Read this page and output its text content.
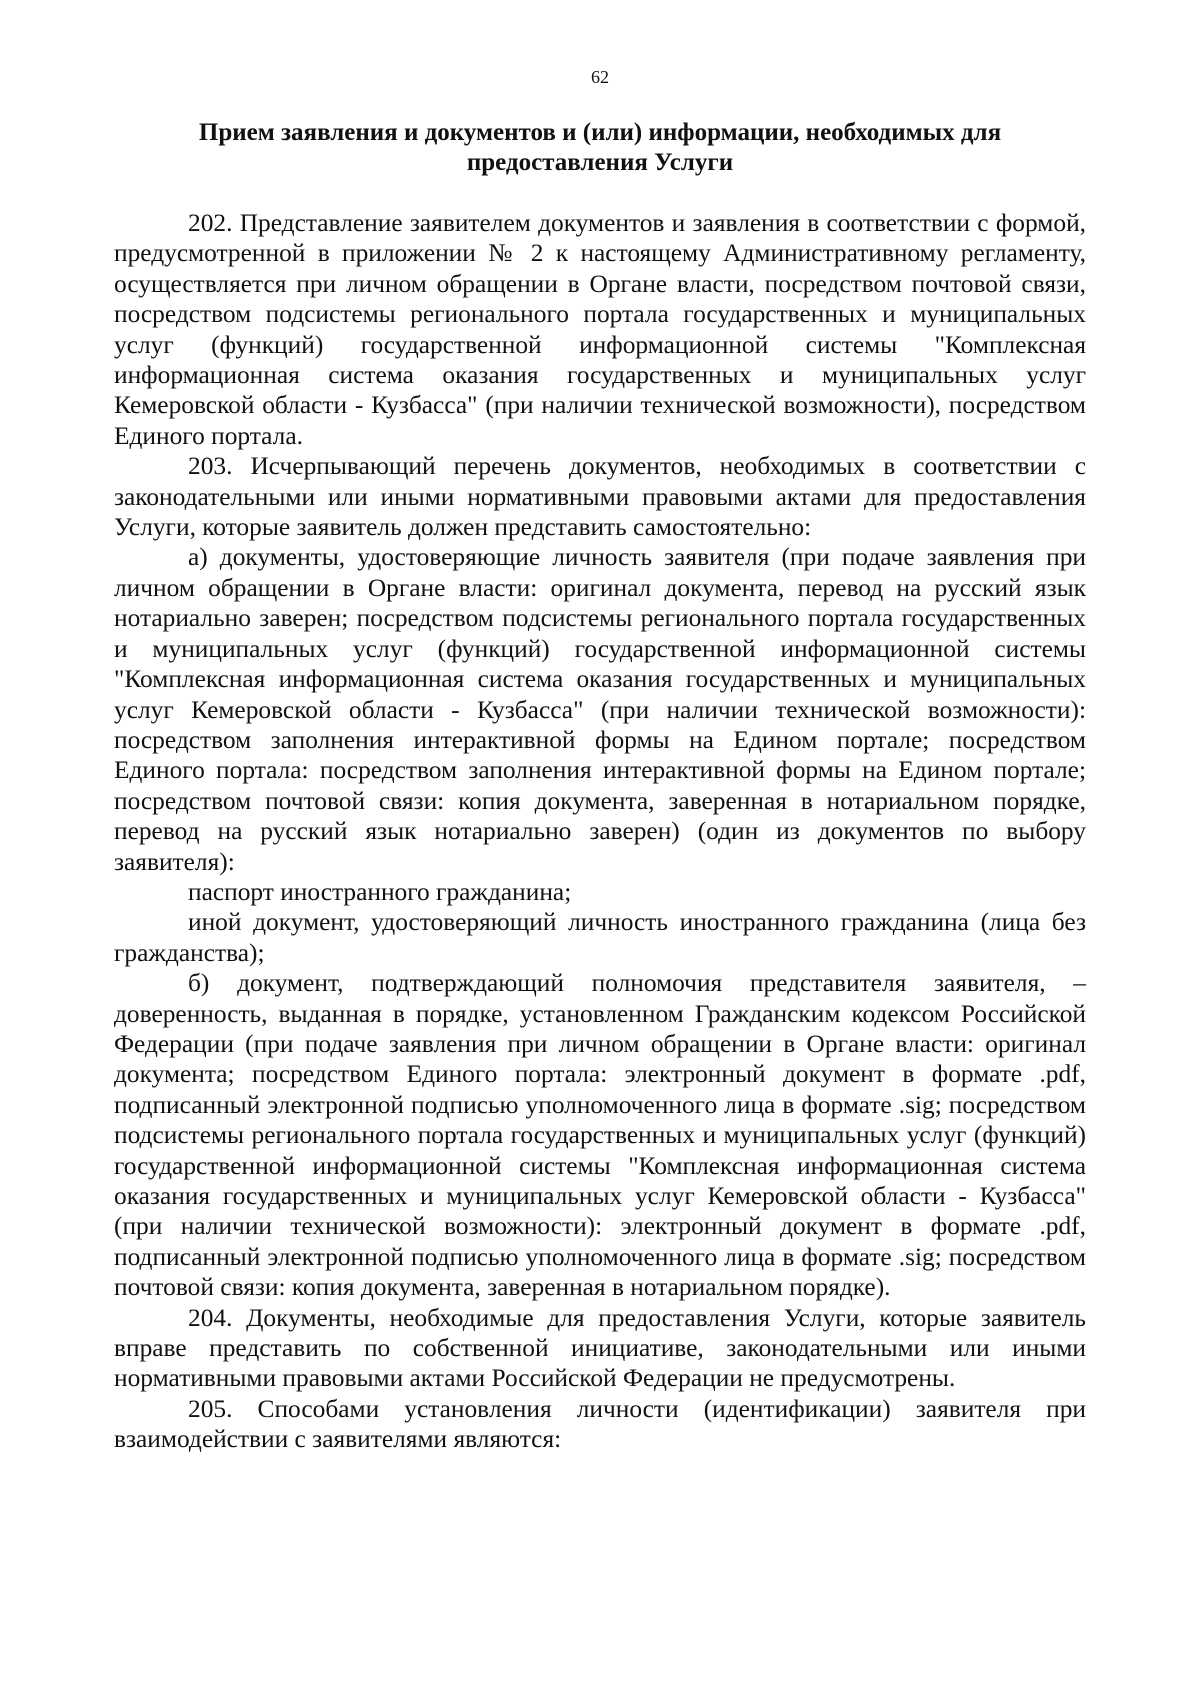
62
Прием заявления и документов и (или) информации, необходимых для предоставления Услуги

202. Представление заявителем документов и заявления в соответствии с формой, предусмотренной в приложении № 2 к настоящему Административному регламенту, осуществляется при личном обращении в Органе власти, посредством почтовой связи, посредством подсистемы регионального портала государственных и муниципальных услуг (функций) государственной информационной системы "Комплексная информационная система оказания государственных и муниципальных услуг Кемеровской области - Кузбасса" (при наличии технической возможности), посредством Единого портала.

203. Исчерпывающий перечень документов, необходимых в соответствии с законодательными или иными нормативными правовыми актами для предоставления Услуги, которые заявитель должен представить самостоятельно:

а) документы, удостоверяющие личность заявителя (при подаче заявления при личном обращении в Органе власти: оригинал документа, перевод на русский язык нотариально заверен; посредством подсистемы регионального портала государственных и муниципальных услуг (функций) государственной информационной системы "Комплексная информационная система оказания государственных и муниципальных услуг Кемеровской области - Кузбасса" (при наличии технической возможности): посредством заполнения интерактивной формы на Едином портале; посредством Единого портала: посредством заполнения интерактивной формы на Едином портале; посредством почтовой связи: копия документа, заверенная в нотариальном порядке, перевод на русский язык нотариально заверен) (один из документов по выбору заявителя):

паспорт иностранного гражданина;

иной документ, удостоверяющий личность иностранного гражданина (лица без гражданства);

б) документ, подтверждающий полномочия представителя заявителя, – доверенность, выданная в порядке, установленном Гражданским кодексом Российской Федерации (при подаче заявления при личном обращении в Органе власти: оригинал документа; посредством Единого портала: электронный документ в формате .pdf, подписанный электронной подписью уполномоченного лица в формате .sig; посредством подсистемы регионального портала государственных и муниципальных услуг (функций) государственной информационной системы "Комплексная информационная система оказания государственных и муниципальных услуг Кемеровской области - Кузбасса" (при наличии технической возможности): электронный документ в формате .pdf, подписанный электронной подписью уполномоченного лица в формате .sig; посредством почтовой связи: копия документа, заверенная в нотариальном порядке).

204. Документы, необходимые для предоставления Услуги, которые заявитель вправе представить по собственной инициативе, законодательными или иными нормативными правовыми актами Российской Федерации не предусмотрены.

205. Способами установления личности (идентификации) заявителя при взаимодействии с заявителями являются:
